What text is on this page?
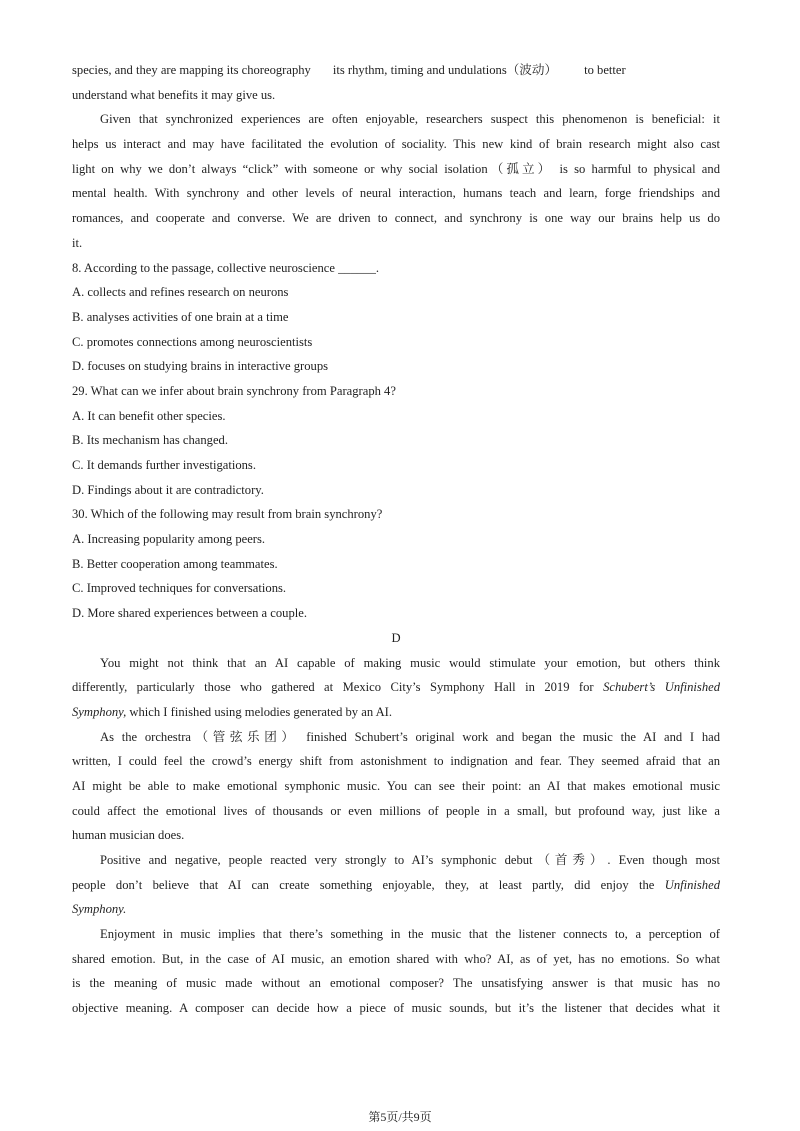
species, and they are mapping its choreography its rhythm, timing and undulations（波动） to better
understand what benefits it may give us.
Given that synchronized experiences are often enjoyable, researchers suspect this phenomenon is beneficial: it
helps us interact and may have facilitated the evolution of sociality. This new kind of brain research might also cast
light on why we don’t always “click” with someone or why social isolation（孤立） is so harmful to physical and
mental health. With synchrony and other levels of neural interaction, humans teach and learn, forge friendships and
romances, and cooperate and converse. We are driven to connect, and synchrony is one way our brains help us do
it.
8. According to the passage, collective neuroscience ______.
A. collects and refines research on neurons
B. analyses activities of one brain at a time
C. promotes connections among neuroscientists
D. focuses on studying brains in interactive groups
29. What can we infer about brain synchrony from Paragraph 4?
A. It can benefit other species.
B. Its mechanism has changed.
C. It demands further investigations.
D. Findings about it are contradictory.
30. Which of the following may result from brain synchrony?
A. Increasing popularity among peers.
B. Better cooperation among teammates.
C. Improved techniques for conversations.
D. More shared experiences between a couple.
D
You might not think that an AI capable of making music would stimulate your emotion, but others think
differently, particularly those who gathered at Mexico City’s Symphony Hall in 2019 for Schubert’s Unfinished
Symphony, which I finished using melodies generated by an AI.
As the orchestra（管弦乐团） finished Schubert’s original work and began the music the AI and I had
written, I could feel the crowd’s energy shift from astonishment to indignation and fear. They seemed afraid that an
AI might be able to make emotional symphonic music. You can see their point: an AI that makes emotional music
could affect the emotional lives of thousands or even millions of people in a small, but profound way, just like a
human musician does.
Positive and negative, people reacted very strongly to AI’s symphonic debut（首秀）. Even though most
people don’t believe that AI can create something enjoyable, they, at least partly, did enjoy the Unfinished
Symphony.
Enjoyment in music implies that there’s something in the music that the listener connects to, a perception of
shared emotion. But, in the case of AI music, an emotion shared with who? AI, as of yet, has no emotions. So what
is the meaning of music made without an emotional composer? The unsatisfying answer is that music has no
objective meaning. A composer can decide how a piece of music sounds, but it’s the listener that decides what it
第5页/共9页
